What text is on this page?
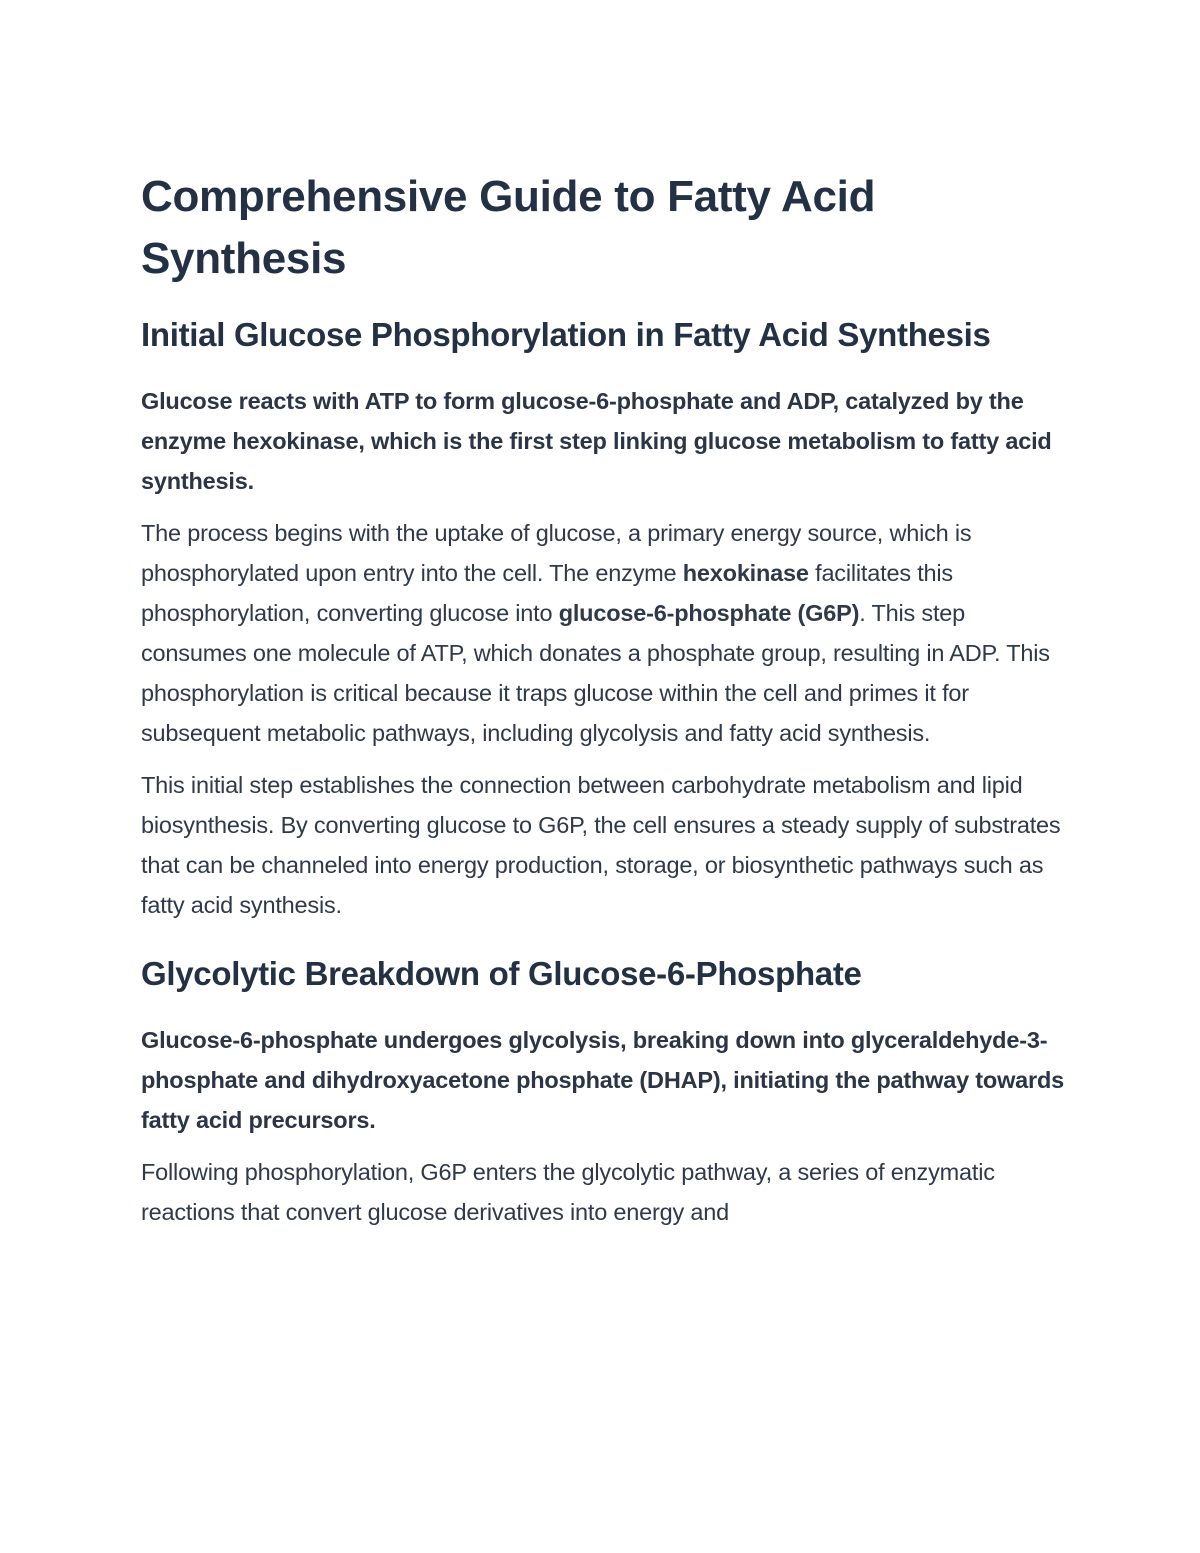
Comprehensive Guide to Fatty Acid Synthesis
Initial Glucose Phosphorylation in Fatty Acid Synthesis

Glucose reacts with ATP to form glucose-6-phosphate and ADP, catalyzed by the enzyme hexokinase, which is the first step linking glucose metabolism to fatty acid synthesis.

The process begins with the uptake of glucose, a primary energy source, which is phosphorylated upon entry into the cell. The enzyme hexokinase facilitates this phosphorylation, converting glucose into glucose-6-phosphate (G6P). This step consumes one molecule of ATP, which donates a phosphate group, resulting in ADP. This phosphorylation is critical because it traps glucose within the cell and primes it for subsequent metabolic pathways, including glycolysis and fatty acid synthesis.

This initial step establishes the connection between carbohydrate metabolism and lipid biosynthesis. By converting glucose to G6P, the cell ensures a steady supply of substrates that can be channeled into energy production, storage, or biosynthetic pathways such as fatty acid synthesis.

Glycolytic Breakdown of Glucose-6-Phosphate

Glucose-6-phosphate undergoes glycolysis, breaking down into glyceraldehyde-3-phosphate and dihydroxyacetone phosphate (DHAP), initiating the pathway towards fatty acid precursors.

Following phosphorylation, G6P enters the glycolytic pathway, a series of enzymatic reactions that convert glucose derivatives into energy and
